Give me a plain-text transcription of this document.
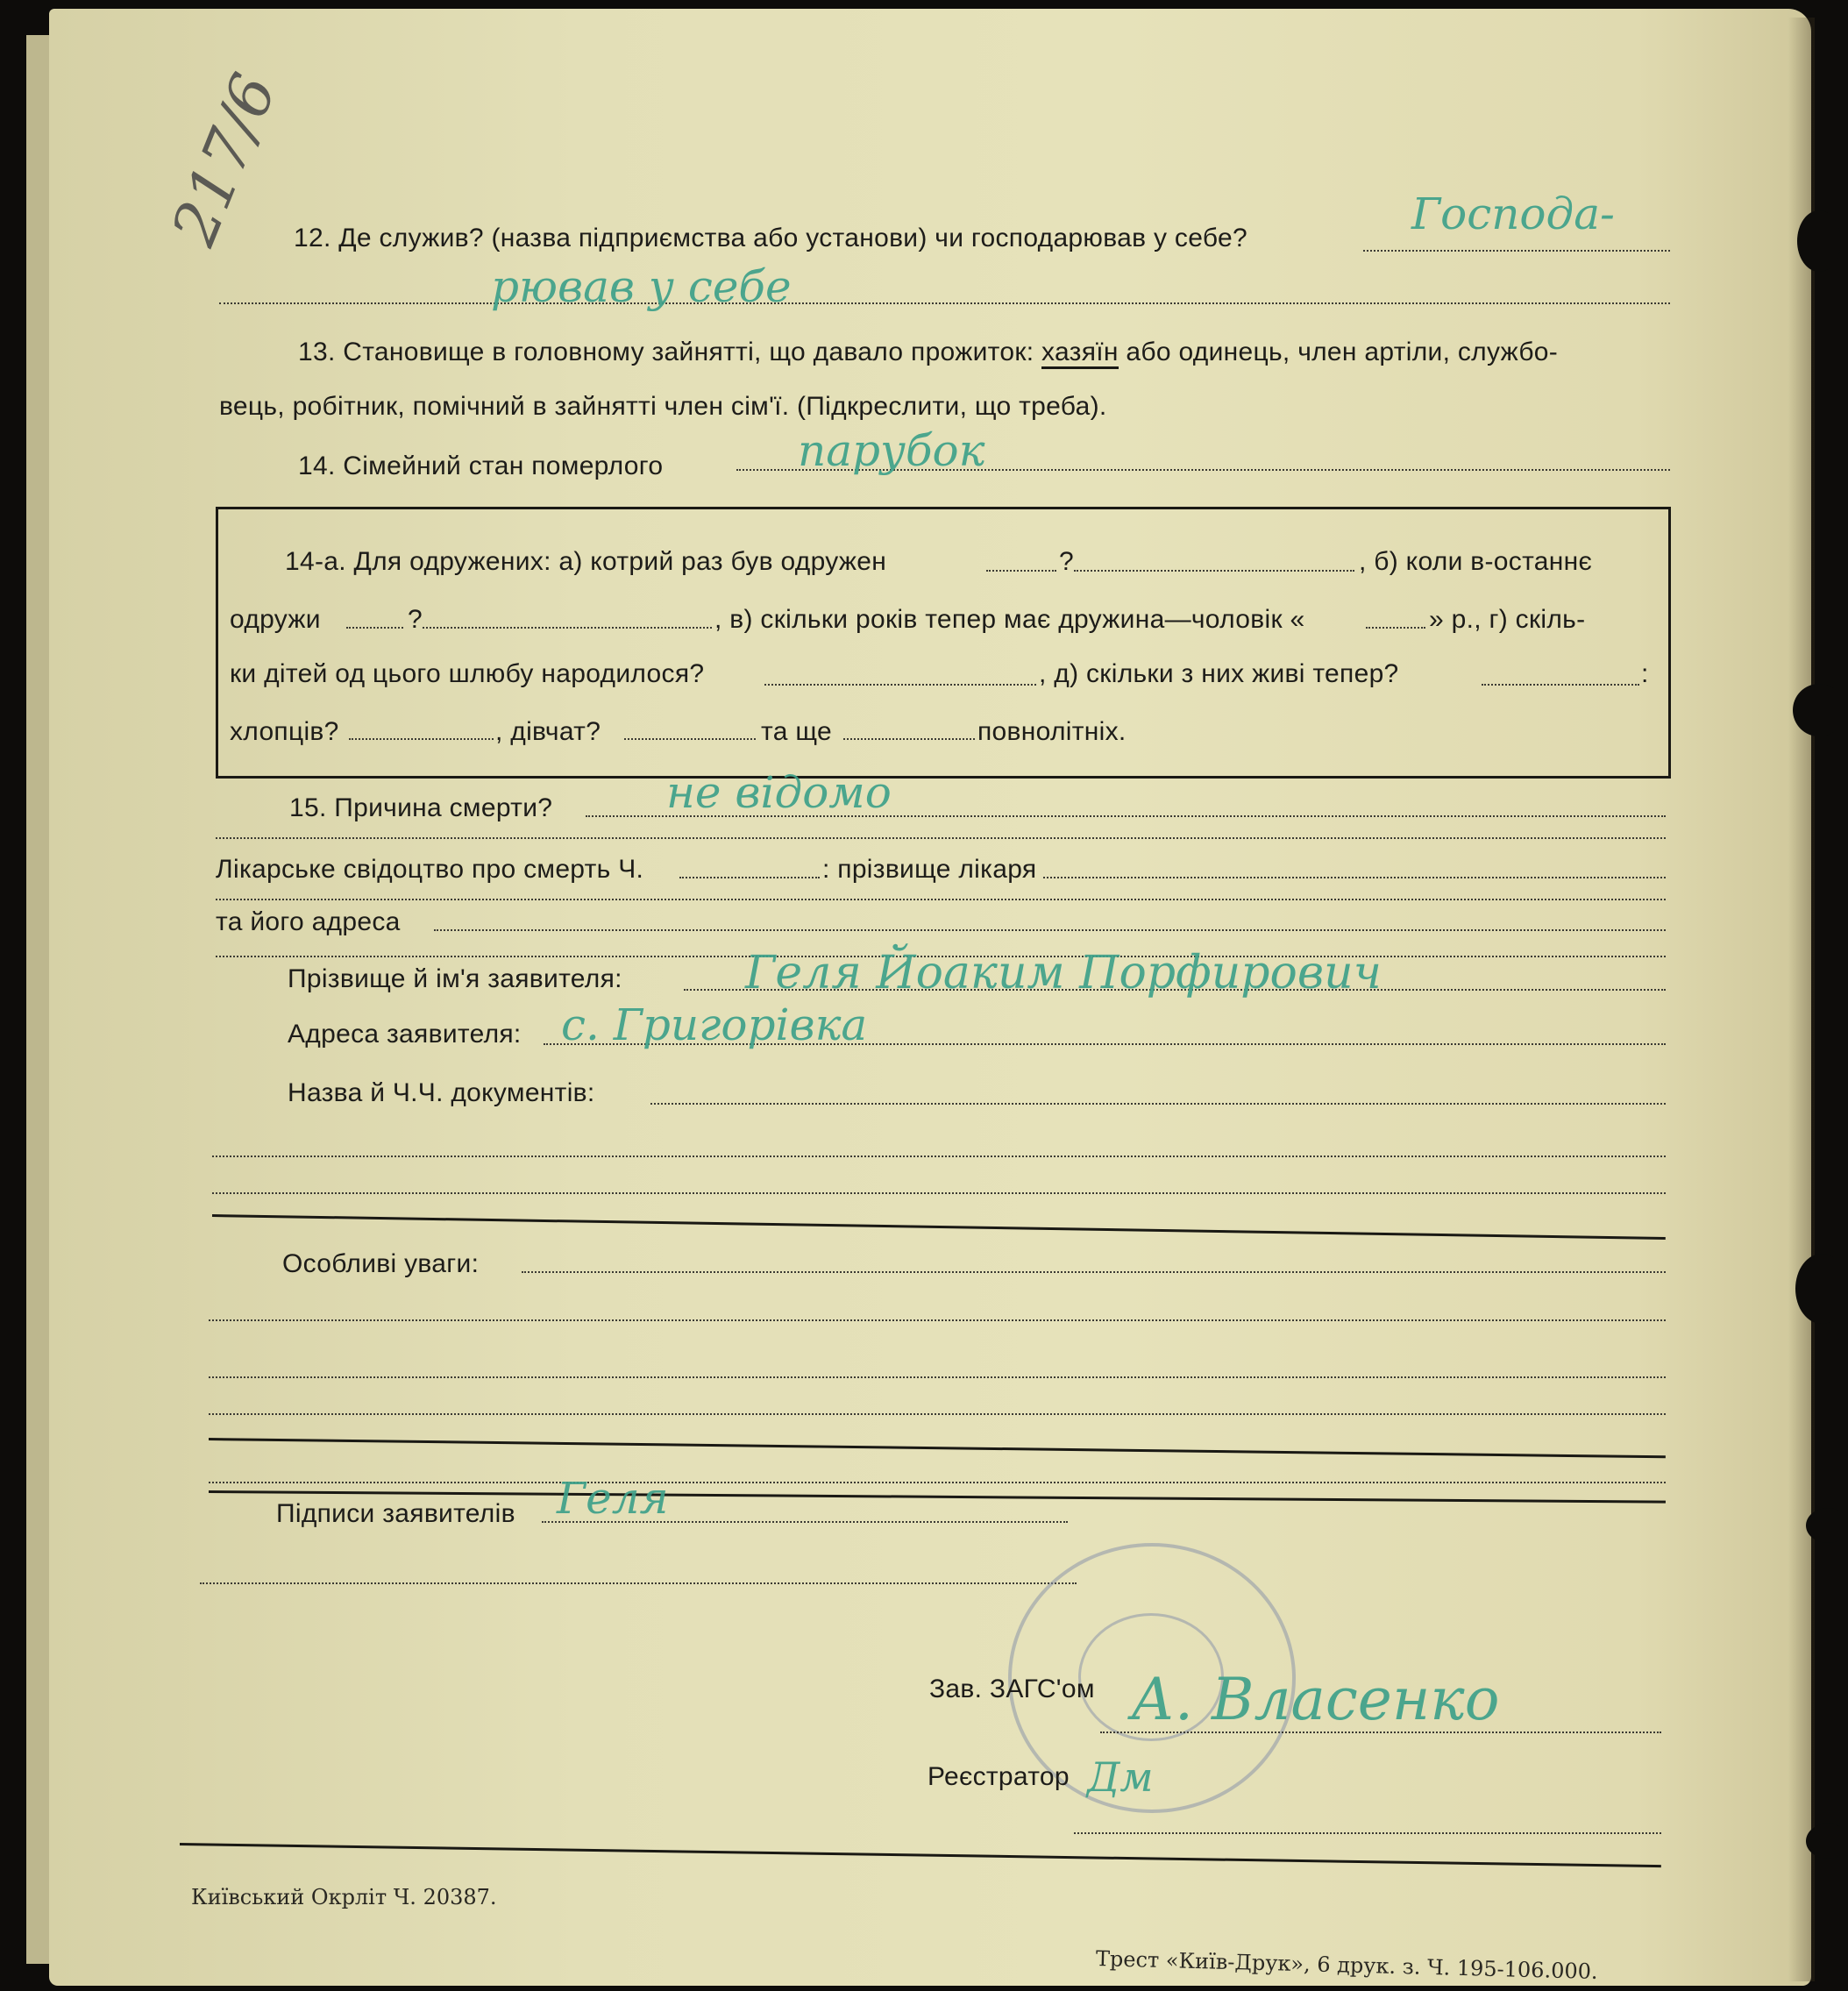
217/6 12. Де служив? (назва підприємства або установи) чи господарював у себе?	Господа-
рював у себе
13. Становище в головному зайнятті, що давало прожиток: хазяїн або одинець, член артіли, службо-
вець, робітник, помічний в зайнятті член сім'ї. (Підкреслити, що треба).
14. Сімейний стан померлого	парубок
14-а. Для одружених: а) котрий раз був одружен	?	, б) коли в-останнє
одружи	?	, в) скільки років тепер має дружина—чоловік «	» р., г) скіль-
ки дітей од цього шлюбу народилося?	, д) скільки з них живі тепер?	:
хлопців?	, дівчат?	та ще	повнолітніх.
15. Причина смерти?	не відомо
Лікарське свідоцтво про смерть Ч.	: прізвище лікаря
та його адреса
Прізвище й ім'я заявителя:	Геля Йоаким Порфирович
Адреса заявителя: с. Григорівка
Назва й Ч.Ч. документів:
Особливі уваги:
Підписи заявителів Геля
Зав. ЗАГС'ом А. Власенко
Реєстратор Дм
Київський Окрліт Ч. 20387.
Трест «Київ-Друк», 6 друк. з. Ч. 195-106.000.
